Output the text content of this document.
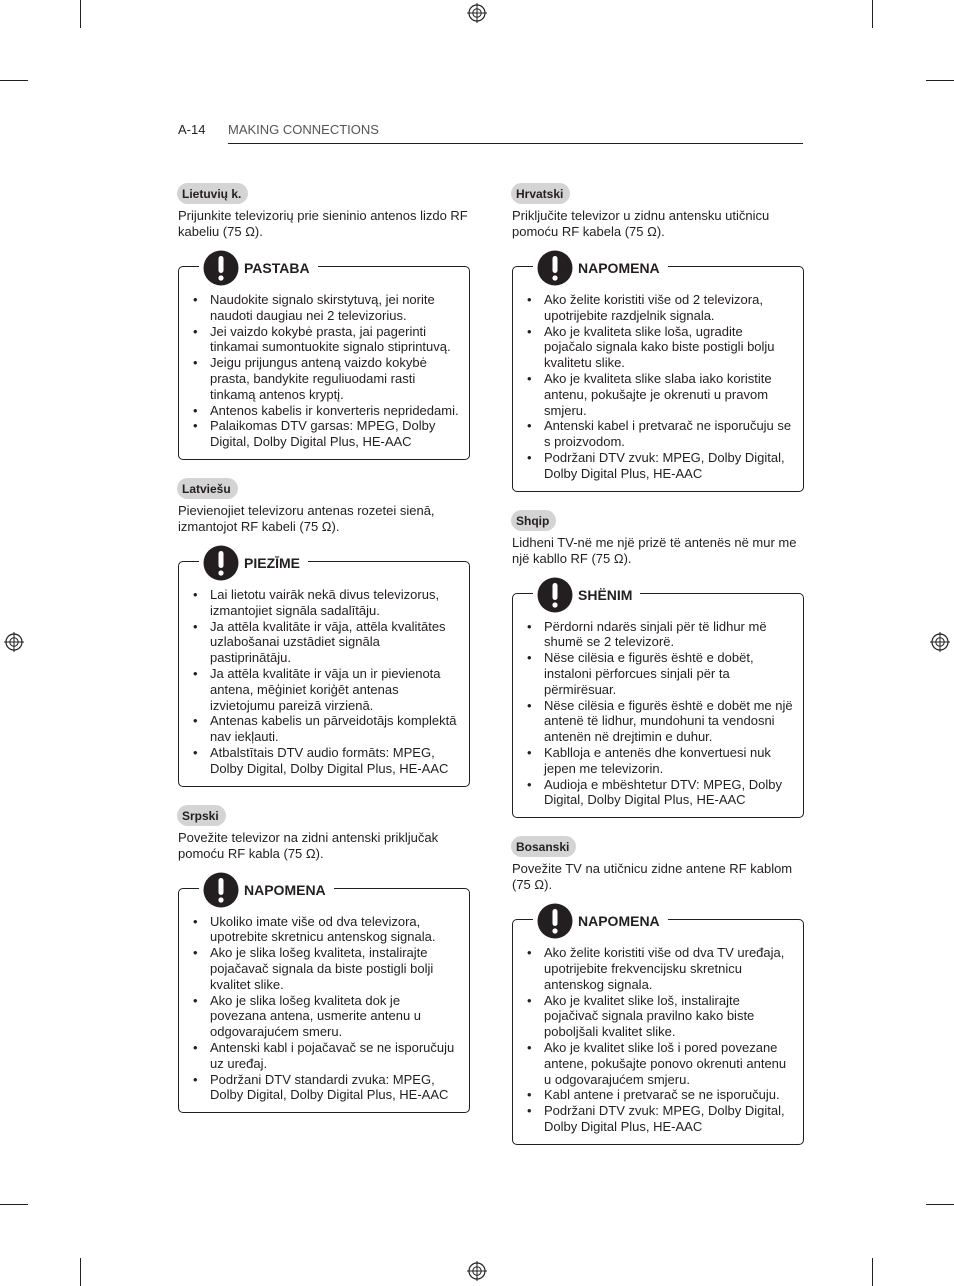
A-14 MAKING CONNECTIONS
Lietuvių k.

Prijunkite televizorių prie sieninio antenos lizdo RF kabeliu (75 Ω).

PASTABA
• Naudokite signalo skirstytuvą, jei norite naudoti daugiau nei 2 televizorius.
• Jei vaizdo kokybė prasta, jai pagerinti tinkamai sumontuokite signalo stiprintuvą.
• Jeigu prijungus anteną vaizdo kokybė prasta, bandykite reguliuodami rasti tinkamą antenos kryptį.
• Antenos kabelis ir konverteris nepridedami.
• Palaikomas DTV garsas: MPEG, Dolby Digital, Dolby Digital Plus, HE-AAC
Latviešu

Pievienojiet televizoru antenas rozetei sienā, izmantojot RF kabeli (75 Ω).

PIEZĪME
• Lai lietotu vairāk nekā divus televizorus, izmantojiet signāla sadalītāju.
• Ja attēla kvalitāte ir vāja, attēla kvalitātes uzlabošanai uzstādiet signāla pastiprinātāju.
• Ja attēla kvalitāte ir vāja un ir pievienota antena, mēģiniet koriģēt antenas izvietojumu pareizā virzienā.
• Antenas kabelis un pārveidotājs komplektā nav iekļauti.
• Atbalstītais DTV audio formāts: MPEG, Dolby Digital, Dolby Digital Plus, HE-AAC
Srpski

Povežite televizor na zidni antenski priključak pomoću RF kabla (75 Ω).

NAPOMENA
• Ukoliko imate više od dva televizora, upotrebite skretnicu antenskog signala.
• Ako je slika lošeg kvaliteta, instalirajte pojačavač signala da biste postigli bolji kvalitet slike.
• Ako je slika lošeg kvaliteta dok je povezana antena, usmerite antenu u odgovarajućem smeru.
• Antenski kabl i pojačavač se ne isporučuju uz uređaj.
• Podržani DTV standardi zvuka: MPEG, Dolby Digital, Dolby Digital Plus, HE-AAC
Hrvatski

Priključite televizor u zidnu antensku utičnicu pomoću RF kabela (75 Ω).

NAPOMENA
• Ako želite koristiti više od 2 televizora, upotrijebite razdjelnik signala.
• Ako je kvaliteta slike loša, ugradite pojačalo signala kako biste postigli bolju kvalitetu slike.
• Ako je kvaliteta slike slaba iako koristite antenu, pokušajte je okrenuti u pravom smjeru.
• Antenski kabel i pretvarač ne isporučuju se s proizvodom.
• Podržani DTV zvuk: MPEG, Dolby Digital, Dolby Digital Plus, HE-AAC
Shqip

Lidheni TV-në me një prizë të antenës në mur me një kabllo RF (75 Ω).

SHËNIM
• Përdorni ndarës sinjali për të lidhur më shumë se 2 televizorë.
• Nëse cilësia e figurës është e dobët, instaloni përforcues sinjali për ta përmirësuar.
• Nëse cilësia e figurës është e dobët me një antenë të lidhur, mundohuni ta vendosni antenën në drejtimin e duhur.
• Kablloja e antenës dhe konvertuesi nuk jepen me televizorin.
• Audioja e mbështetur DTV: MPEG, Dolby Digital, Dolby Digital Plus, HE-AAC
Bosanski

Povežite TV na utičnicu zidne antene RF kablom (75 Ω).

NAPOMENA
• Ako želite koristiti više od dva TV uređaja, upotrijebite frekvencijsku skretnicu antenskog signala.
• Ako je kvalitet slike loš, instalirajte pojačivač signala pravilno kako biste poboljšali kvalitet slike.
• Ako je kvalitet slike loš i pored povezane antene, pokušajte ponovo okrenuti antenu u odgovarajućem smjeru.
• Kabl antene i pretvarač se ne isporučuju.
• Podržani DTV zvuk: MPEG, Dolby Digital, Dolby Digital Plus, HE-AAC
